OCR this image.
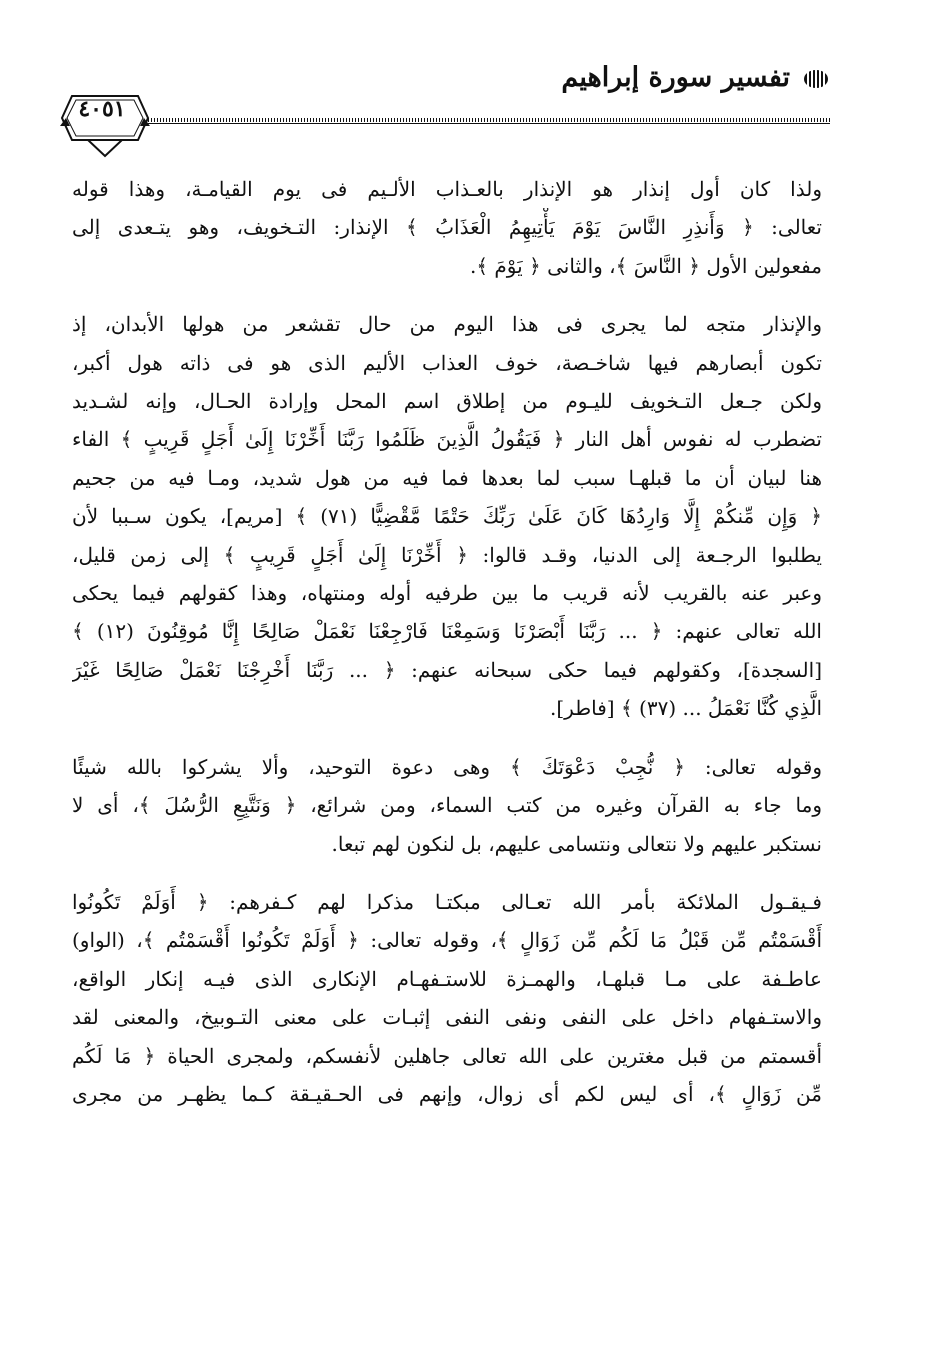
تفسير سورة إبراهيم
٤٠٥١
ولذا كان أول إنذار هو الإنذار بالعـذاب الألـيم فى يوم القيامـة، وهذا قوله
تعالى: ﴿ وَأَنذِرِ النَّاسَ يَوْمَ يَأْتِيهِمُ الْعَذَابُ ﴾ الإنذار: التـخويف، وهو يتـعدى إلى
مفعولين الأول ﴿ النَّاسَ ﴾، والثانى ﴿ يَوْمَ ﴾.
والإنذار متجه لما يجرى فى هذا اليوم من حال تقشعر من هولها الأبدان، إذ
تكون أبصارهم فيها شاخـصة، خوف العذاب الأليم الذى هو فى ذاته هول أكبر،
ولكن جـعل التـخويف لليـوم من إطلاق اسم المحل وإرادة الحـال، وإنه لشـديد
تضطرب له نفوس أهل النار ﴿ فَيَقُولُ الَّذِينَ ظَلَمُوا رَبَّنَا أَخِّرْنَا إِلَىٰ أَجَلٍ قَرِيبٍ ﴾ الفاء
هنا لبيان أن ما قبلهـا سبب لما بعدها فما فيه من هول شديد، ومـا فيه من جحيم
﴿ وَإِن مِّنكُمْ إِلَّا وَارِدُهَا كَانَ عَلَىٰ رَبِّكَ حَتْمًا مَّقْضِيًّا (٧١) ﴾ [مريم]، يكون سـببا لأن
يطلبوا الرجـعة إلى الدنيا، وقـد قالوا: ﴿ أَخِّرْنَا إِلَىٰ أَجَلٍ قَرِيبٍ ﴾ إلى زمن قليل،
وعبر عنه بالقريب لأنه قريب ما بين طرفيه أوله ومنتهاه، وهذا كقولهم فيما يحكى
الله تعالى عنهم: ﴿ ... رَبَّنَا أَبْصَرْنَا وَسَمِعْنَا فَارْجِعْنَا نَعْمَلْ صَالِحًا إِنَّا مُوقِنُونَ (١٢) ﴾
[السجدة]، وكقولهم فيما حكى سبحانه عنهم: ﴿ ... رَبَّنَا أَخْرِجْنَا نَعْمَلْ صَالِحًا غَيْرَ
الَّذِي كُنَّا نَعْمَلُ ... (٣٧) ﴾ [فاطر].
وقوله تعالى: ﴿ نُّجِبْ دَعْوَتَكَ ﴾ وهى دعوة التوحيد، وألا يشركوا بالله شيئًا
وما جاء به القرآن وغيره من كتب السماء، ومن شرائع، ﴿ وَنَتَّبِعِ الرُّسُلَ ﴾، أى لا
نستكبر عليهم ولا نتعالى ونتسامى عليهم، بل لنكون لهم تبعا.
فـيقـول الملائكة بأمر الله تعـالى مبكتـا مذكرا لهم كـفرهم: ﴿ أَوَلَمْ تَكُونُوا
أَقْسَمْتُم مِّن قَبْلُ مَا لَكُم مِّن زَوَالٍ ﴾، وقوله تعالى: ﴿ أَوَلَمْ تَكُونُوا أَقْسَمْتُم ﴾، (الواو)
عاطـفة على مـا قبلهـا، والهمـزة للاستـفهـام الإنكارى الذى فيـه إنكار الواقع،
والاستـفهام داخل على النفى ونفى النفى إثبـات على معنى التـوبيخ، والمعنى لقد
أقسمتم من قبل مغترين على الله تعالى جاهلين لأنفسكم، ولمجرى الحياة ﴿ مَا لَكُم
مِّن زَوَالٍ ﴾، أى ليس لكم أى زوال، وإنهم فى الحـقيـقة كـما يظهـر من مجرى
